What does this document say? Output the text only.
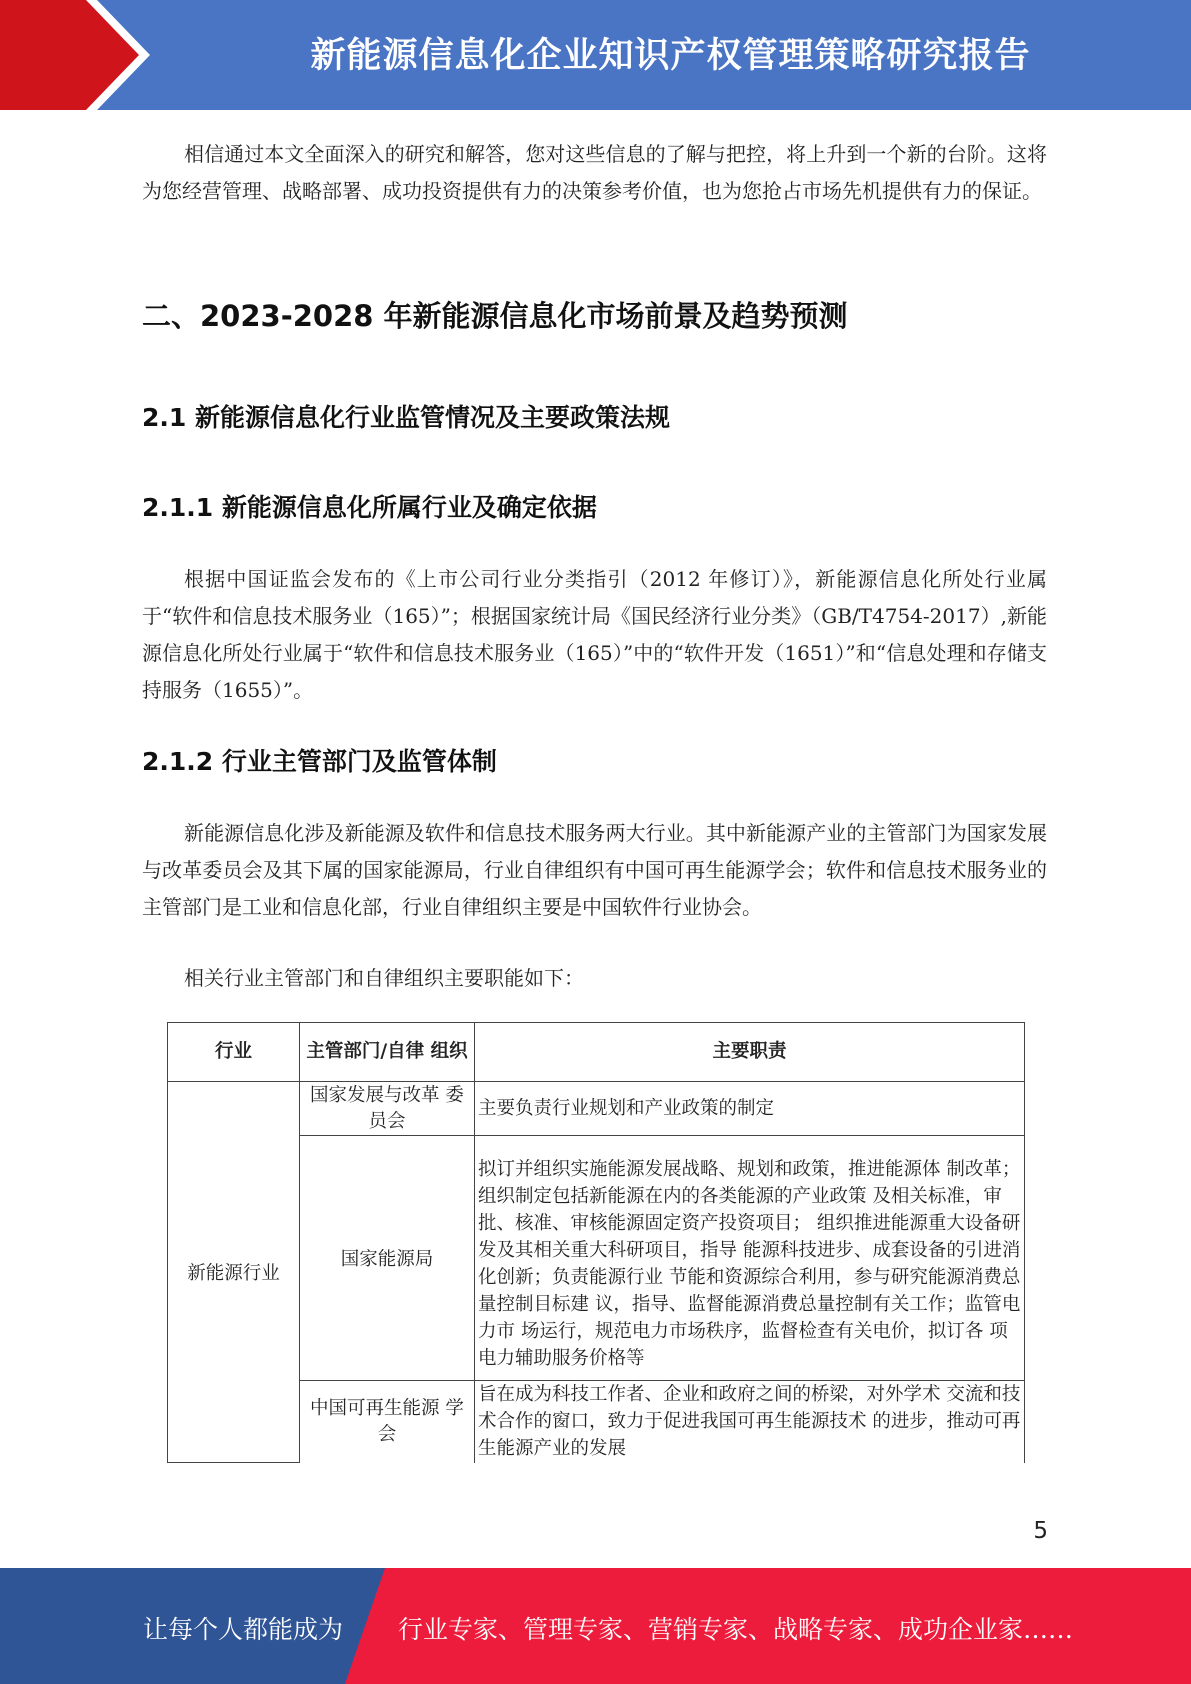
新能源信息化企业知识产权管理策略研究报告

相信通过本文全面深入的研究和解答，您对这些信息的了解与把控，将上升到一个新的台阶。这将为您经营管理、战略部署、成功投资提供有力的决策参考价值，也为您抢占市场先机提供有力的保证。

二、2023-2028 年新能源信息化市场前景及趋势预测
2.1 新能源信息化行业监管情况及主要政策法规
2.1.1 新能源信息化所属行业及确定依据

根据中国证监会发布的《上市公司行业分类指引（2012 年修订）》，新能源信息化所处行业属于“软件和信息技术服务业（165）”；根据国家统计局《国民经济行业分类》（GB/T4754-2017）,新能源信息化所处行业属于“软件和信息技术服务业（165）”中的“软件开发（1651）”和“信息处理和存储支持服务（1655）”。

2.1.2 行业主管部门及监管体制

新能源信息化涉及新能源及软件和信息技术服务两大行业。其中新能源产业的主管部门为国家发展与改革委员会及其下属的国家能源局，行业自律组织有中国可再生能源学会；软件和信息技术服务业的主管部门是工业和信息化部，行业自律组织主要是中国软件行业协会。

相关行业主管部门和自律组织主要职能如下：

行业	主管部门/自律 组织	主要职责
新能源行业	国家发展与改革 委员会	主要负责行业规划和产业政策的制定
	国家能源局	拟订并组织实施能源发展战略、规划和政策，推进能源体 制改革；组织制定包括新能源在内的各类能源的产业政策 及相关标准，审批、核准、审核能源固定资产投资项目； 组织推进能源重大设备研发及其相关重大科研项目，指导 能源科技进步、成套设备的引进消化创新；负责能源行业 节能和资源综合利用，参与研究能源消费总量控制目标建 议，指导、监督能源消费总量控制有关工作；监管电力市 场运行，规范电力市场秩序，监督检查有关电价，拟订各 项电力辅助服务价格等
	中国可再生能源 学会	旨在成为科技工作者、企业和政府之间的桥梁，对外学术 交流和技术合作的窗口，致力于促进我国可再生能源技术 的进步，推动可再生能源产业的发展
5
让每个人都能成为 行业专家、管理专家、营销专家、战略专家、成功企业家……
